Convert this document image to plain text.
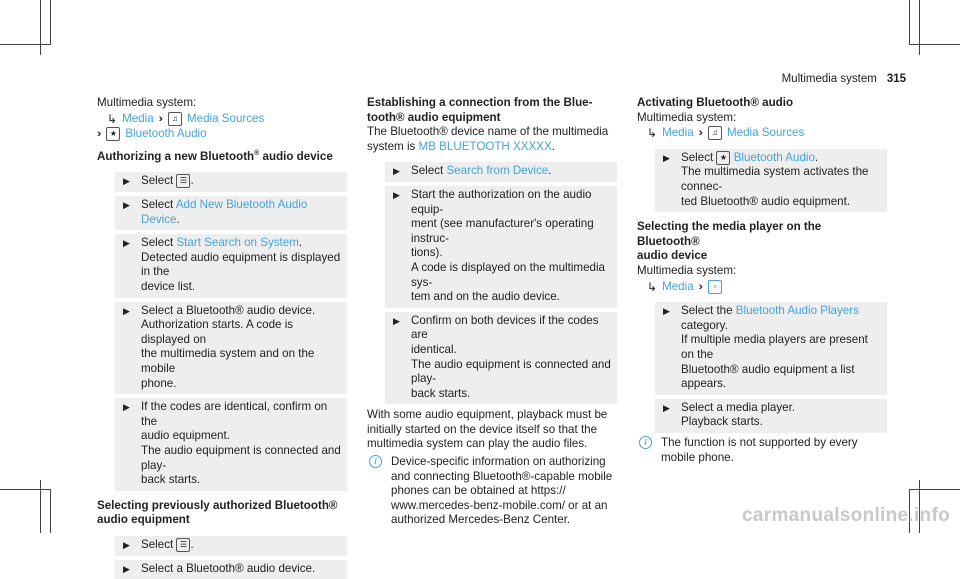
Multimedia system 315
Multimedia system:
↳ Media ››	♫ Media Sources
››	★ Bluetooth Audio
Authorizing a new Bluetooth® audio device
▶ Select ☰ .
▶ Select Add New Bluetooth Audio Device.
▶ Select Start Search on System.
Detected audio equipment is displayed in the
device list.
▶ Select a Bluetooth® audio device.
Authorization starts. A code is displayed on
the multimedia system and on the mobile
phone.
▶ If the codes are identical, confirm on the
audio equipment.
The audio equipment is connected and play‐
back starts.
Selecting previously authorized Bluetooth®
audio equipment
▶ Select ☰ .
▶ Select a Bluetooth® audio device.
Establishing a connection from the Blue‐
tooth® audio equipment
The Bluetooth® device name of the multimedia
system is MB BLUETOOTH XXXXX.
▶ Select Search from Device.
▶ Start the authorization on the audio equip‐
ment (see manufacturer's operating instruc‐
tions).
A code is displayed on the multimedia sys‐
tem and on the audio device.
▶ Confirm on both devices if the codes are
identical.
The audio equipment is connected and play‐
back starts.
With some audio equipment, playback must be
initially started on the device itself so that the
multimedia system can play the audio files.
i	Device-specific information on authorizing
and connecting Bluetooth®-capable mobile
phones can be obtained at https://
www.mercedes-benz-mobile.com/ or at an
authorized Mercedes-Benz Center.
Activating Bluetooth® audio
Multimedia system:
↳ Media ››	♫ Media Sources
▶ Select ★ Bluetooth Audio.
The multimedia system activates the connec‐
ted Bluetooth® audio equipment.
Selecting the media player on the Bluetooth®
audio device
Multimedia system:
↳ Media ››	⌕
▶ Select the Bluetooth Audio Players category.
If multiple media players are present on the
Bluetooth® audio equipment a list appears.
▶ Select a media player.
Playback starts.
i	The function is not supported by every
mobile phone.
carmanualsonline.info
